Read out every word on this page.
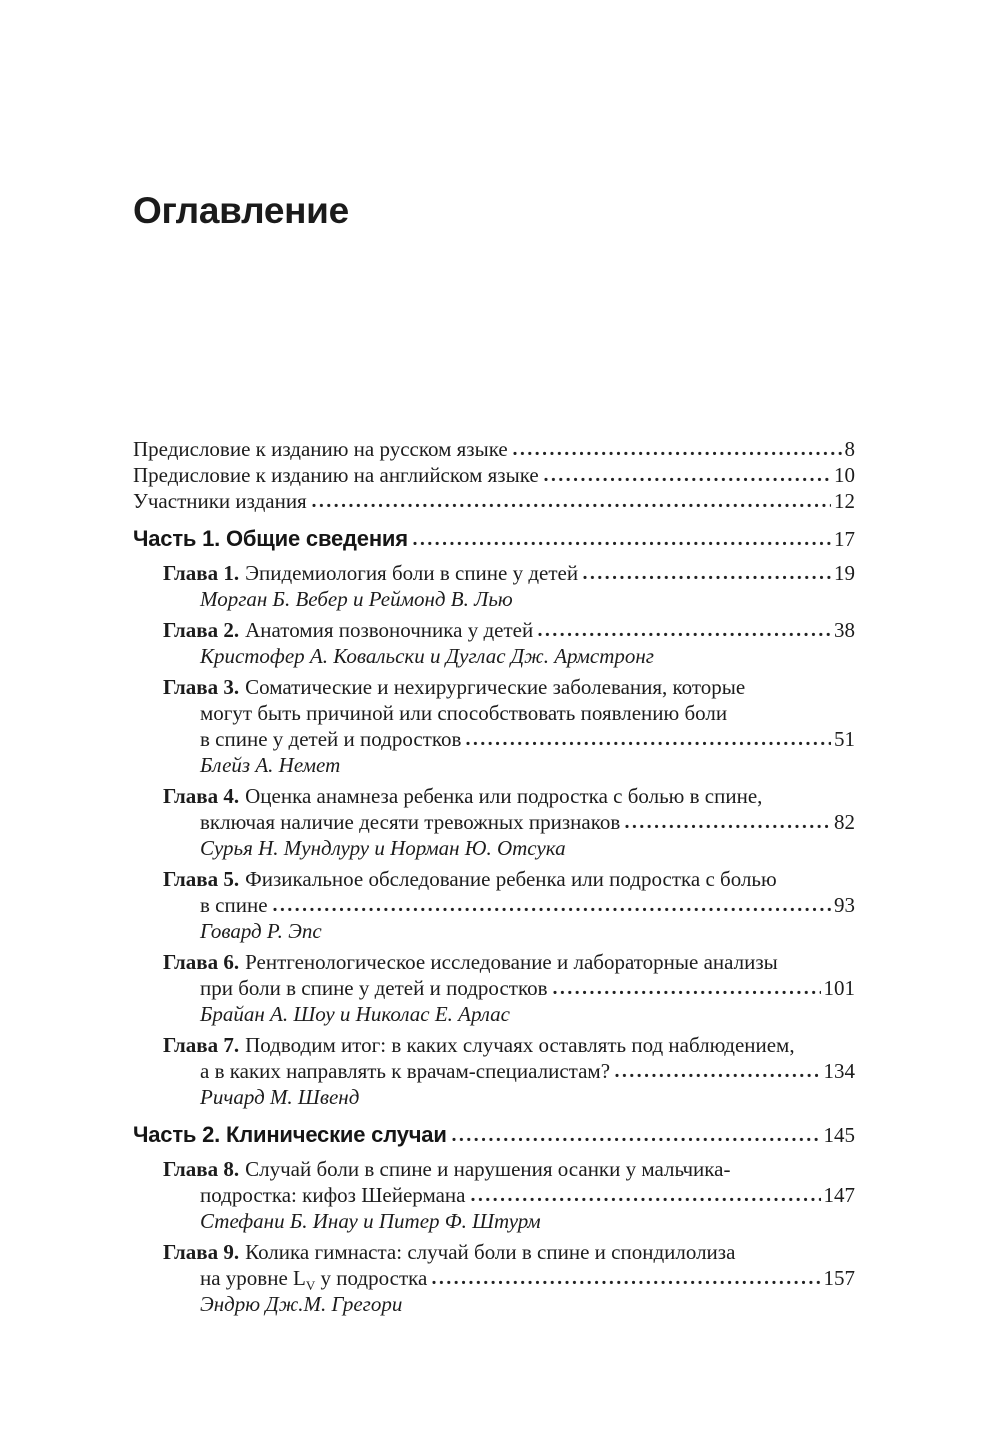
Оглавление
Предисловие к изданию на русском языке	8
Предисловие к изданию на английском языке	10
Участники издания	12
Часть 1. Общие сведения	17
Глава 1. Эпидемиология боли в спине у детей	19
Морган Б. Вебер и Реймонд В. Лью
Глава 2. Анатомия позвоночника у детей	38
Кристофер А. Ковальски и Дуглас Дж. Армстронг
Глава 3. Соматические и нехирургические заболевания, которые
могут быть причиной или способствовать появлению боли
в спине у детей и подростков	51
Блейз А. Немет
Глава 4. Оценка анамнеза ребенка или подростка с болью в спине,
включая наличие десяти тревожных признаков	82
Сурья Н. Мундлуру и Норман Ю. Отсука
Глава 5. Физикальное обследование ребенка или подростка с болью
в спине	93
Говард Р. Эпс
Глава 6. Рентгенологическое исследование и лабораторные анализы
при боли в спине у детей и подростков	101
Брайан А. Шоу и Николас Е. Арлас
Глава 7. Подводим итог: в каких случаях оставлять под наблюдением,
а в каких направлять к врачам-специалистам?	134
Ричард М. Швенд
Часть 2. Клинические случаи	145
Глава 8. Случай боли в спине и нарушения осанки у мальчика-
подростка: кифоз Шейермана	147
Стефани Б. Инау и Питер Ф. Штурм
Глава 9. Колика гимнаста: случай боли в спине и спондилолиза
на уровне $L_V$ у подростка	157
Эндрю Дж.М. Грегори
